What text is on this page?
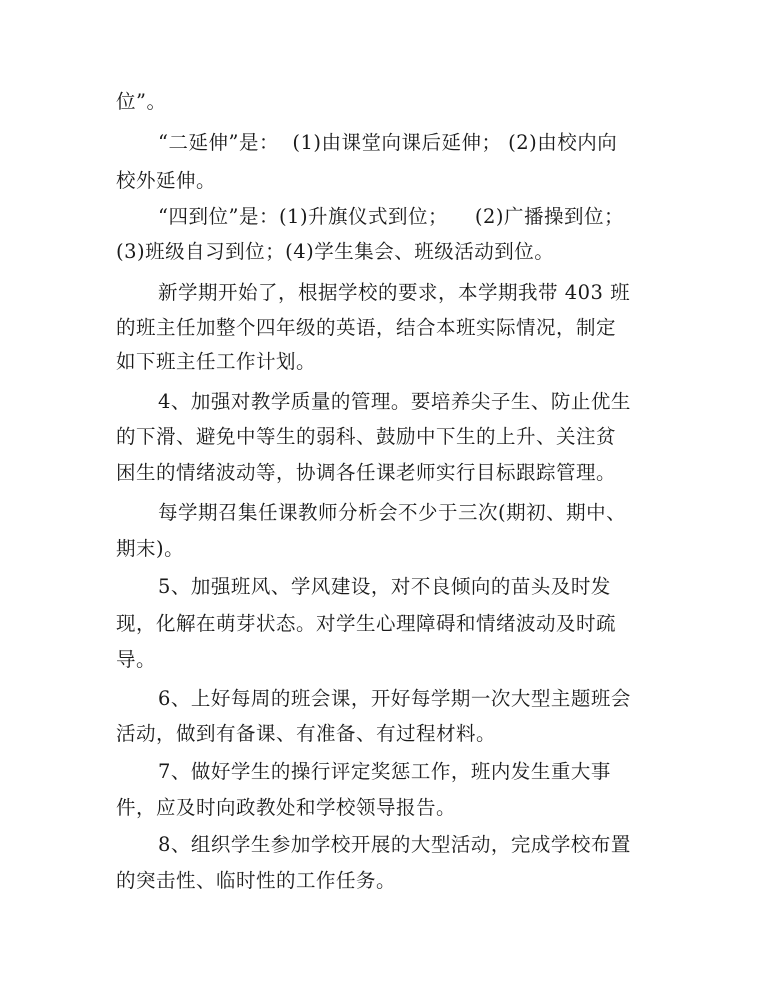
位”。
“二延伸”是：  (1)由课堂向课后延伸； (2)由校内向
校外延伸。
“四到位”是：(1)升旗仪式到位；    (2)广播操到位；
(3)班级自习到位；(4)学生集会、班级活动到位。
新学期开始了，根据学校的要求，本学期我带 403 班
的班主任加整个四年级的英语，结合本班实际情况，制定
如下班主任工作计划。
4、加强对教学质量的管理。要培养尖子生、防止优生
的下滑、避免中等生的弱科、鼓励中下生的上升、关注贫
困生的情绪波动等，协调各任课老师实行目标跟踪管理。
每学期召集任课教师分析会不少于三次(期初、期中、
期末)。
5、加强班风、学风建设，对不良倾向的苗头及时发
现，化解在萌芽状态。对学生心理障碍和情绪波动及时疏
导。
6、上好每周的班会课，开好每学期一次大型主题班会
活动，做到有备课、有准备、有过程材料。
7、做好学生的操行评定奖惩工作，班内发生重大事
件，应及时向政教处和学校领导报告。
8、组织学生参加学校开展的大型活动，完成学校布置
的突击性、临时性的工作任务。
